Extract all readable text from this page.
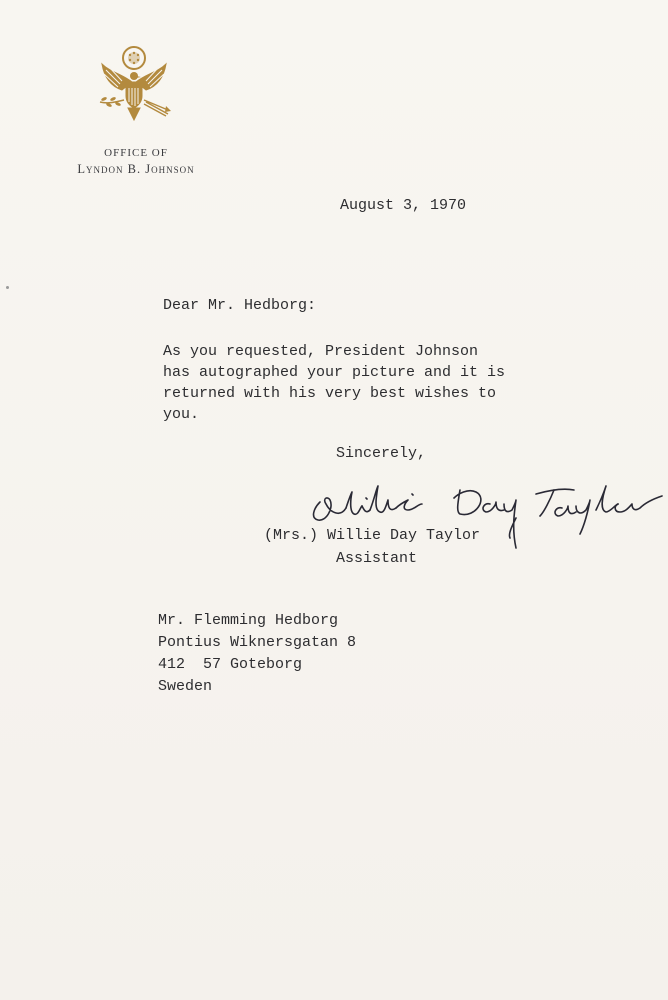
OFFICE OF
Lyndon B. Johnson
August 3, 1970
Dear Mr. Hedborg:
As you requested, President Johnson
has autographed your picture and it is
returned with his very best wishes to
you.
Sincerely,
(Mrs.) Willie Day Taylor
Assistant
Mr. Flemming Hedborg
Pontius Wiknersgatan 8
412  57 Goteborg
Sweden
